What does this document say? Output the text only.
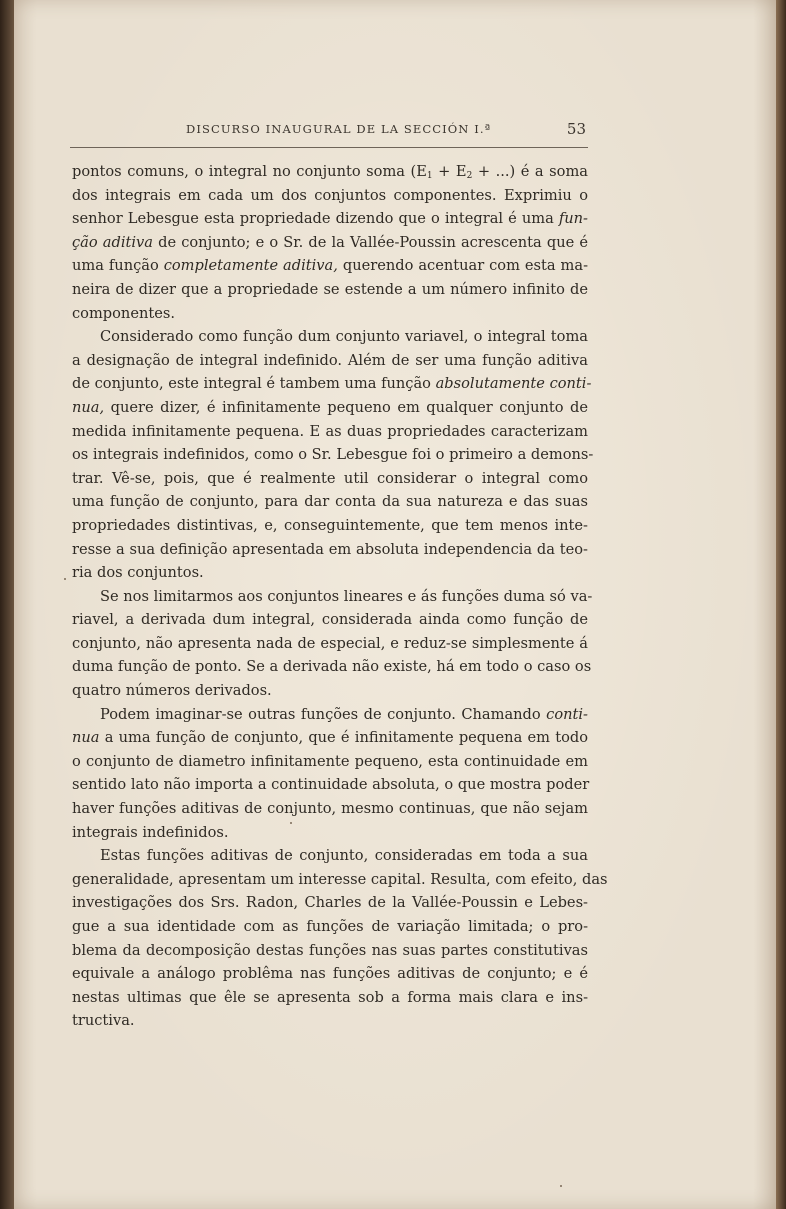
DISCURSO INAUGURAL DE LA SECCIÓN I.ª	53
pontos comuns, o integral no conjunto soma ($E_1 + E_2$ + ...) é a soma
dos integrais em cada um dos conjuntos componentes. Exprimiu o
senhor Lebesgue esta propriedade dizendo que o integral é uma fun-
ção aditiva de conjunto; e o Sr. de la Vallée-Poussin acrescenta que é
uma função completamente aditiva, querendo acentuar com esta ma-
neira de dizer que a propriedade se estende a um número infinito de
componentes.
Considerado como função dum conjunto variavel, o integral toma
a designação de integral indefinido. Além de ser uma função aditiva
de conjunto, este integral é tambem uma função absolutamente conti-
nua, quere dizer, é infinitamente pequeno em qualquer conjunto de
medida infinitamente pequena. E as duas propriedades caracterizam
os integrais indefinidos, como o Sr. Lebesgue foi o primeiro a demons-
trar. Vê-se, pois, que é realmente util considerar o integral como
uma função de conjunto, para dar conta da sua natureza e das suas
propriedades distintivas, e, conseguintemente, que tem menos inte-
resse a sua definição apresentada em absoluta independencia da teo-
ria dos conjuntos.
Se nos limitarmos aos conjuntos lineares e ás funções duma só va-
riavel, a derivada dum integral, considerada ainda como função de
conjunto, não apresenta nada de especial, e reduz-se simplesmente á
duma função de ponto. Se a derivada não existe, há em todo o caso os
quatro números derivados.
Podem imaginar-se outras funções de conjunto. Chamando conti-
nua a uma função de conjunto, que é infinitamente pequena em todo
o conjunto de diametro infinitamente pequeno, esta continuidade em
sentido lato não importa a continuidade absoluta, o que mostra poder
haver funções aditivas de conjunto, mesmo continuas, que não sejam
integrais indefinidos.
Estas funções aditivas de conjunto, consideradas em toda a sua
generalidade, apresentam um interesse capital. Resulta, com efeito, das
investigações dos Srs. Radon, Charles de la Vallée-Poussin e Lebes-
gue a sua identidade com as funções de variação limitada; o pro-
blema da decomposição destas funções nas suas partes constitutivas
equivale a análogo problêma nas funções aditivas de conjunto; e é
nestas ultimas que êle se apresenta sob a forma mais clara e ins-
tructiva.
